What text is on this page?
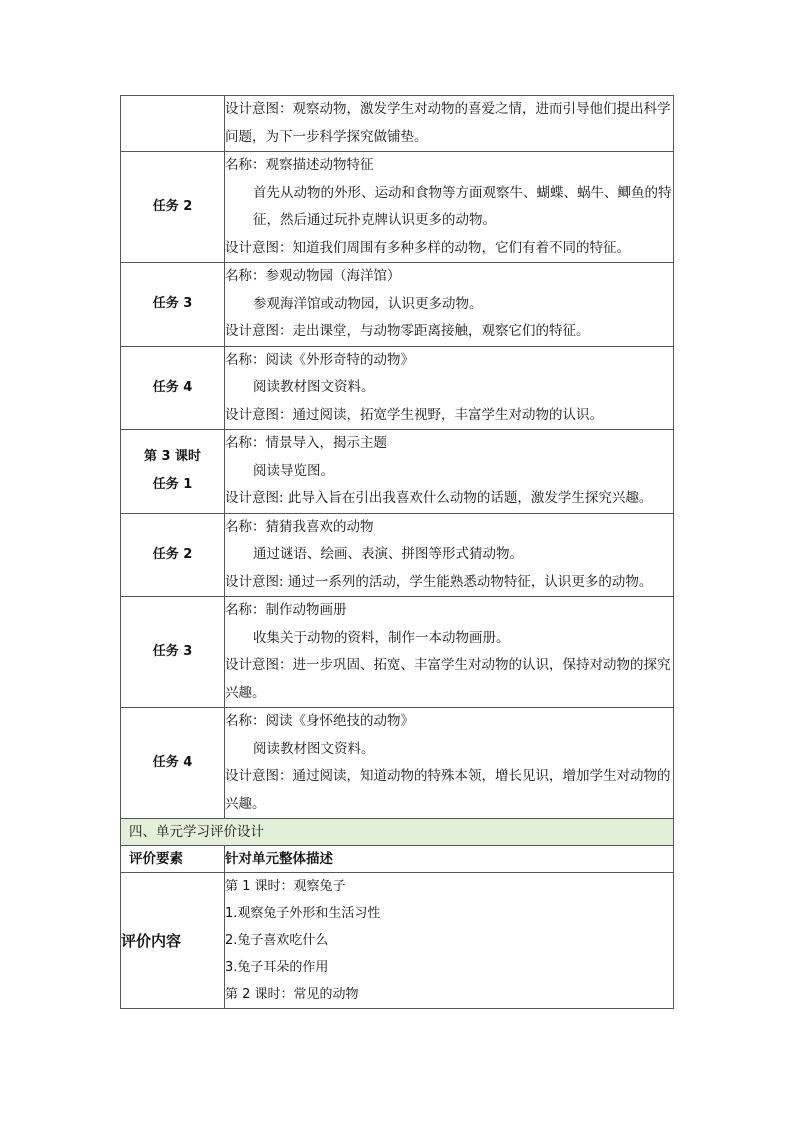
	设计意图：观察动物，激发学生对动物的喜爱之情，进而引导他们提出科学问题，为下一步科学探究做铺垫。

任务 2	名称：观察描述动物特征
首先从动物的外形、运动和食物等方面观察牛、蝴蝶、蜗牛、鲫鱼的特征，然后通过玩扑克牌认识更多的动物。
设计意图：知道我们周围有多种多样的动物，它们有着不同的特征。

任务 3	名称：参观动物园（海洋馆）
参观海洋馆或动物园，认识更多动物。
设计意图：走出课堂，与动物零距离接触，观察它们的特征。

任务 4	名称：阅读《外形奇特的动物》
阅读教材图文资料。
设计意图：通过阅读，拓宽学生视野，丰富学生对动物的认识。

第 3 课时
任务 1	名称：情景导入，揭示主题
阅读导览图。
设计意图: 此导入旨在引出我喜欢什么动物的话题，激发学生探究兴趣。

任务 2	名称：猜猜我喜欢的动物
通过谜语、绘画、表演、拼图等形式猜动物。
设计意图: 通过一系列的活动，学生能熟悉动物特征，认识更多的动物。

任务 3	名称：制作动物画册
收集关于动物的资料，制作一本动物画册。
设计意图：进一步巩固、拓宽、丰富学生对动物的认识，保持对动物的探究兴趣。

任务 4	名称：阅读《身怀绝技的动物》
阅读教材图文资料。
设计意图：通过阅读，知道动物的特殊本领，增长见识，增加学生对动物的兴趣。

四、单元学习评价设计	
评价要素	针对单元整体描述
评价内容	第 1 课时：观察兔子
1.观察兔子外形和生活习性
2.兔子喜欢吃什么
3.兔子耳朵的作用
第 2 课时：常见的动物
